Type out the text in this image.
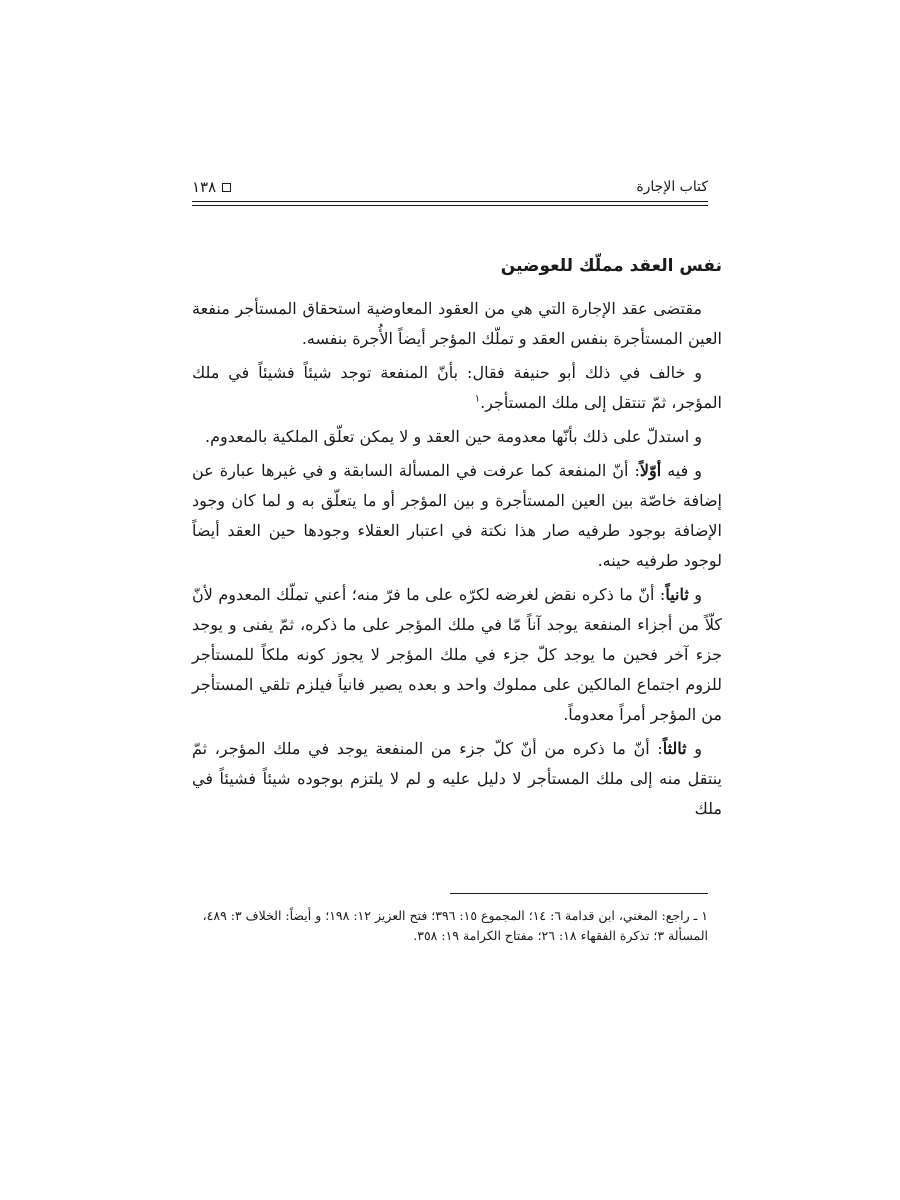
كتاب الإجارة
١٣٨
نفس العقد مملّك للعوضين

مقتضى عقد الإجارة التي هي من العقود المعاوضية استحقاق المستأجر منفعة العين المستأجرة بنفس العقد و تملّك المؤجر أيضاً الأُجرة بنفسه.

و خالف في ذلك أبو حنيفة فقال: بأنّ المنفعة توجد شيئاً فشيئاً في ملك المؤجر، ثمّ تنتقل إلى ملك المستأجر.$^١$

و استدلّ على ذلك بأنّها معدومة حين العقد و لا يمكن تعلّق الملكية بالمعدوم.

و فيه أوّلاً: أنّ المنفعة كما عرفت في المسألة السابقة و في غيرها عبارة عن إضافة خاصّة بين العين المستأجرة و بين المؤجر أو ما يتعلّق به و لما كان وجود الإضافة بوجود طرفيه صار هذا نكتة في اعتبار العقلاء وجودها حين العقد أيضاً لوجود طرفيه حينه.

و ثانياً: أنّ ما ذكره نقض لغرضه لكرّه على ما فرّ منه؛ أعني تملّك المعدوم لأنّ كلّاً من أجزاء المنفعة يوجد آناً مّا في ملك المؤجر على ما ذكره، ثمّ يفنى و يوجد جزء آخر فحين ما يوجد كلّ جزء في ملك المؤجر لا يجوز كونه ملكاً للمستأجر للزوم اجتماع المالكين على مملوك واحد و بعده يصير فانياً فيلزم تلقي المستأجر من المؤجر أمراً معدوماً.

و ثالثاً: أنّ ما ذكره من أنّ كلّ جزء من المنفعة يوجد في ملك المؤجر، ثمّ ينتقل منه إلى ملك المستأجر لا دليل عليه و لم لا يلتزم بوجوده شيئاً فشيئاً في ملك

١ ـ راجع: المغني، ابن قدامة ٦: ١٤؛ المجموع ١٥: ٣٩٦؛ فتح العزيز ١٢: ١٩٨؛ و أيضاً: الخلاف ٣: ٤٨٩، المسألة ٣؛ تذكرة الفقهاء ١٨: ٢٦؛ مفتاح الكرامة ١٩: ٣٥٨.
